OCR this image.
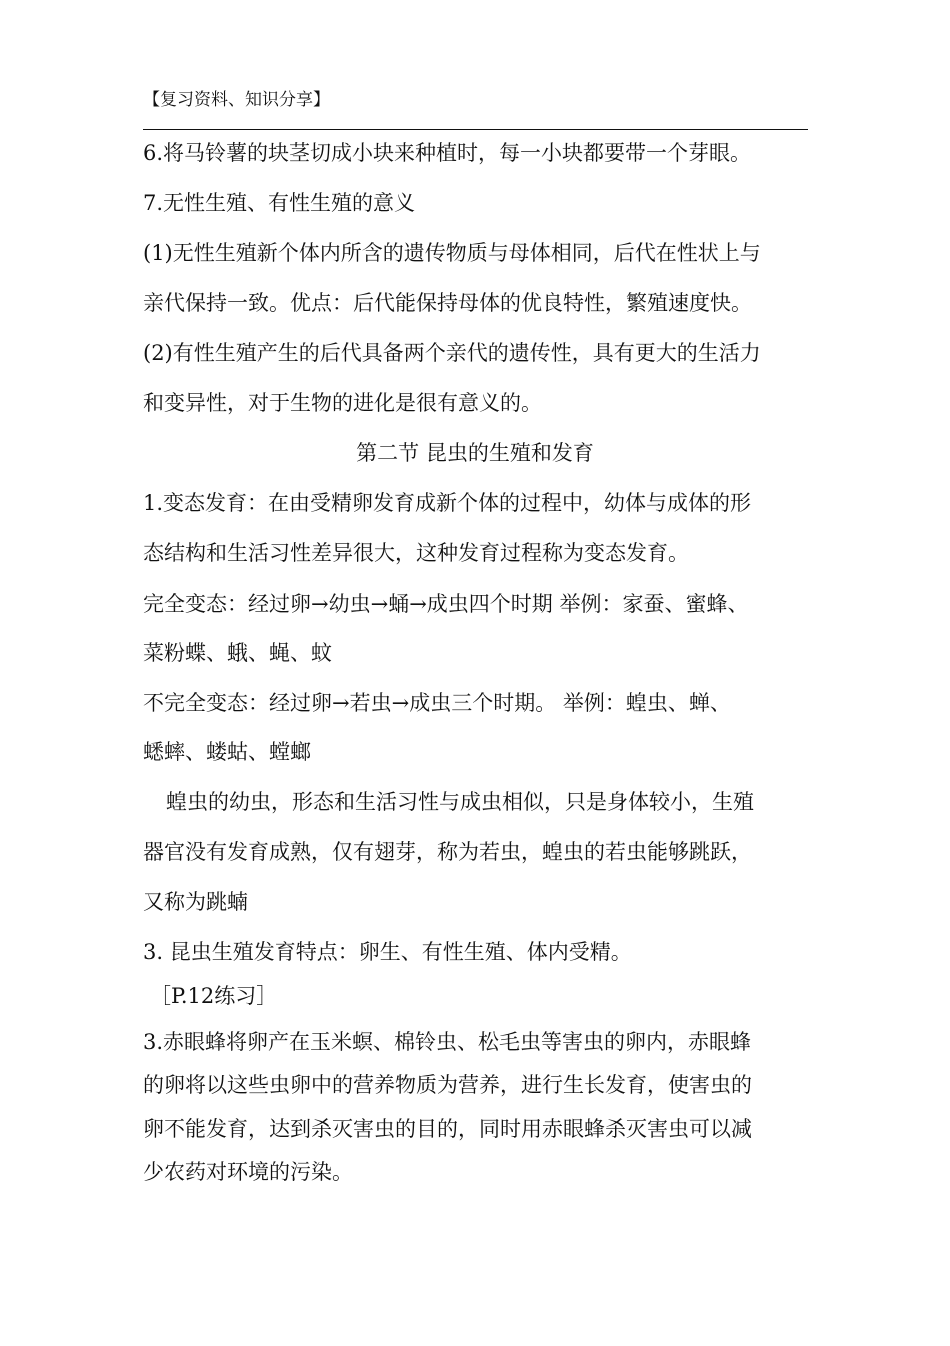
【复习资料、知识分享】
6.将马铃薯的块茎切成小块来种植时，每一小块都要带一个芽眼。
7.无性生殖、有性生殖的意义
(1)无性生殖新个体内所含的遗传物质与母体相同，后代在性状上与
亲代保持一致。优点：后代能保持母体的优良特性，繁殖速度快。
(2)有性生殖产生的后代具备两个亲代的遗传性，具有更大的生活力
和变异性，对于生物的进化是很有意义的。
第二节 昆虫的生殖和发育
1.变态发育：在由受精卵发育成新个体的过程中，幼体与成体的形
态结构和生活习性差异很大，这种发育过程称为变态发育。
完全变态：经过卵→幼虫→蛹→成虫四个时期 举例：家蚕、蜜蜂、
菜粉蝶、蛾、蝇、蚊
不完全变态：经过卵→若虫→成虫三个时期。 举例：蝗虫、蝉、
蟋蟀、蝼蛄、螳螂
蝗虫的幼虫，形态和生活习性与成虫相似，只是身体较小，生殖
器官没有发育成熟，仅有翅芽，称为若虫，蝗虫的若虫能够跳跃，
又称为跳蝻
3. 昆虫生殖发育特点：卵生、有性生殖、体内受精。
［P.12练习］
3.赤眼蜂将卵产在玉米螟、棉铃虫、松毛虫等害虫的卵内，赤眼蜂
的卵将以这些虫卵中的营养物质为营养，进行生长发育，使害虫的
卵不能发育，达到杀灭害虫的目的，同时用赤眼蜂杀灭害虫可以减
少农药对环境的污染。
